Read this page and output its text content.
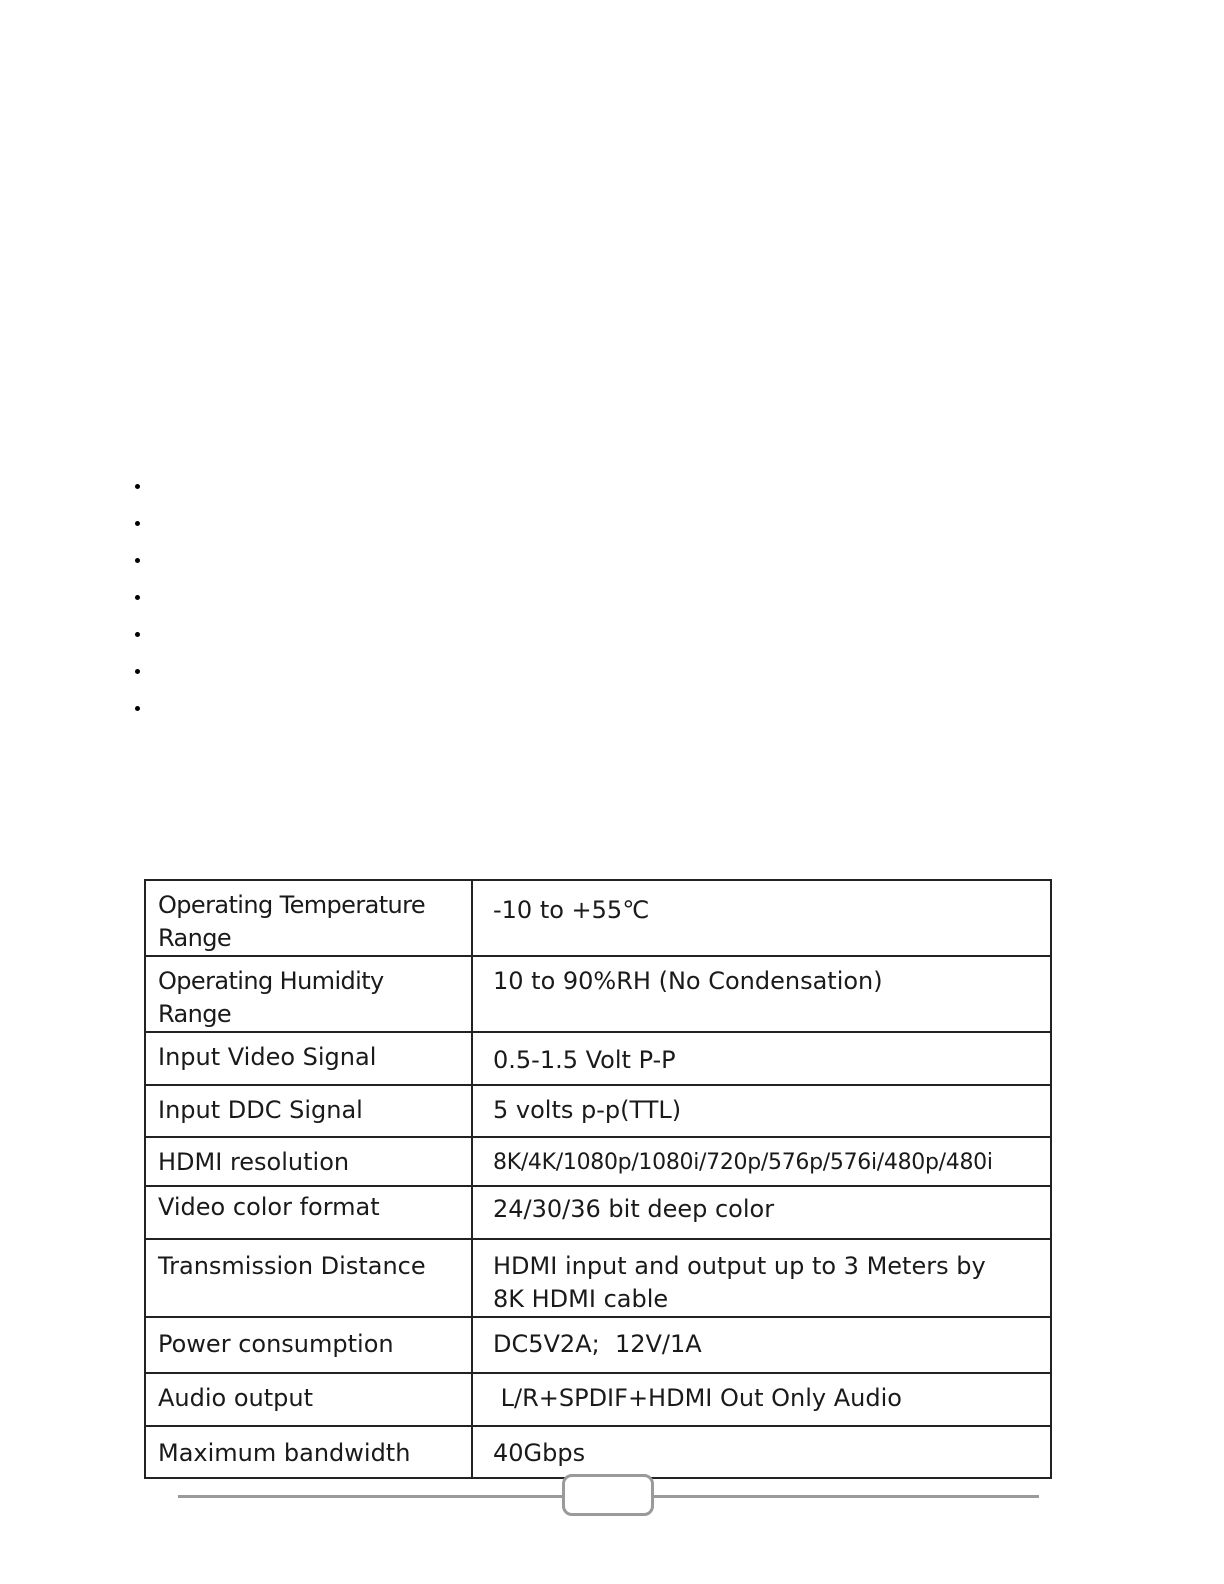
Operating Temperature Range	-10 to +55℃
Operating Humidity Range	10 to 90%RH (No Condensation)
Input Video Signal	0.5-1.5 Volt P-P
Input DDC Signal	5 volts p-p(TTL)
HDMI resolution	8K/4K/1080p/1080i/720p/576p/576i/480p/480i
Video color format	24/30/36 bit deep color
Transmission Distance	HDMI input and output up to 3 Meters by 8K HDMI cable
Power consumption	DC5V2A;  12V/1A
Audio output	L/R+SPDIF+HDMI Out Only Audio
Maximum bandwidth	40Gbps
